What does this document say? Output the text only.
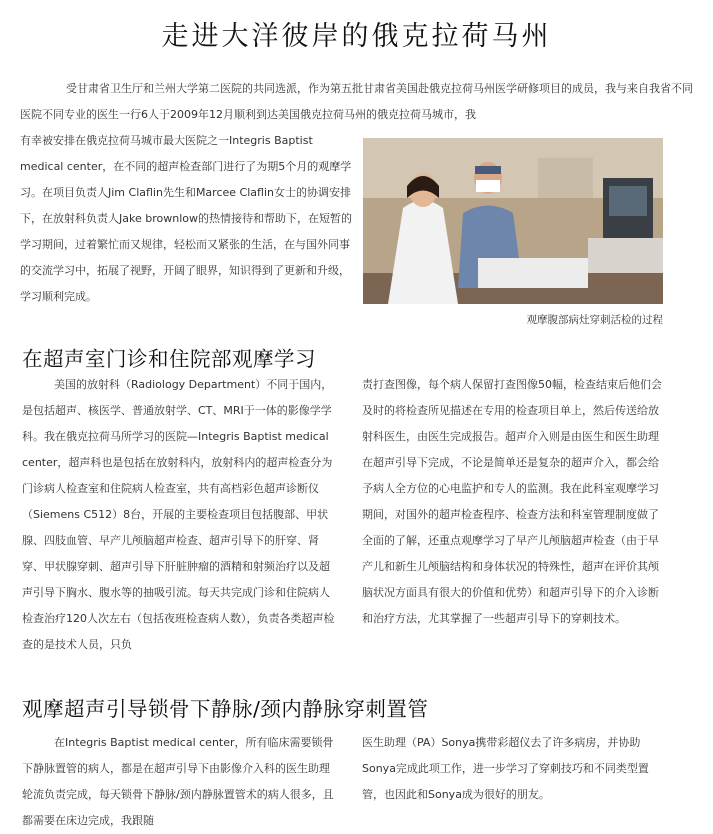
走进大洋彼岸的俄克拉荷马州

受甘肃省卫生厅和兰州大学第二医院的共同选派，作为第五批甘肃省美国赴俄克拉荷马州医学研修项目的成员，我与来自我省不同医院不同专业的医生一行6人于2009年12月顺利到达美国俄克拉荷马州的俄克拉荷马城市，我

有幸被安排在俄克拉荷马城市最大医院之一Integris Baptist medical center，在不同的超声检查部门进行了为期5个月的观摩学习。在项目负责人Jim Claflin先生和Marcee Claflin女士的协调安排下，在放射科负责人Jake brownlow的热情接待和帮助下，在短暂的学习期间，过着繁忙而又规律，轻松而又紧张的生活，在与国外同事的交流学习中，拓展了视野，开阔了眼界，知识得到了更新和升级，学习顺利完成。

观摩腹部病灶穿刺活检的过程

在超声室门诊和住院部观摩学习

美国的放射科（Radiology Department）不同于国内，是包括超声、核医学、普通放射学、CT、MRI于一体的影像学学科。我在俄克拉荷马所学习的医院—Integris Baptist medical center，超声科也是包括在放射科内，放射科内的超声检查分为门诊病人检查室和住院病人检查室，共有高档彩色超声诊断仪（Siemens C512）8台，开展的主要检查项目包括腹部、甲状腺、四肢血管、早产儿颅脑超声检查、超声引导下的肝穿、肾穿、甲状腺穿刺、超声引导下肝脏肿瘤的酒精和射频治疗以及超声引导下胸水、腹水等的抽吸引流。每天共完成门诊和住院病人检查治疗120人次左右（包括夜班检查病人数），负责各类超声检查的是技术人员，只负

责打查图像，每个病人保留打查图像50幅，检查结束后他们会及时的将检查所见描述在专用的检查项目单上，然后传送给放射科医生，由医生完成报告。超声介入则是由医生和医生助理在超声引导下完成，不论是简单还是复杂的超声介入，都会给予病人全方位的心电监护和专人的监测。我在此科室观摩学习期间，对国外的超声检查程序、检查方法和科室管理制度做了全面的了解，还重点观摩学习了早产儿颅脑超声检查（由于早产儿和新生儿颅脑结构和身体状况的特殊性，超声在评价其颅脑状况方面具有很大的价值和优势）和超声引导下的介入诊断和治疗方法，尤其掌握了一些超声引导下的穿刺技术。

观摩超声引导锁骨下静脉/颈内静脉穿刺置管

在Integris Baptist medical center，所有临床需要锁骨下静脉置管的病人，都是在超声引导下由影像介入科的医生助理轮流负责完成，每天锁骨下静脉/颈内静脉置管术的病人很多，且都需要在床边完成，我跟随

医生助理（PA）Sonya携带彩超仪去了许多病房，并协助Sonya完成此项工作，进一步学习了穿刺技巧和不同类型置管，也因此和Sonya成为很好的朋友。
